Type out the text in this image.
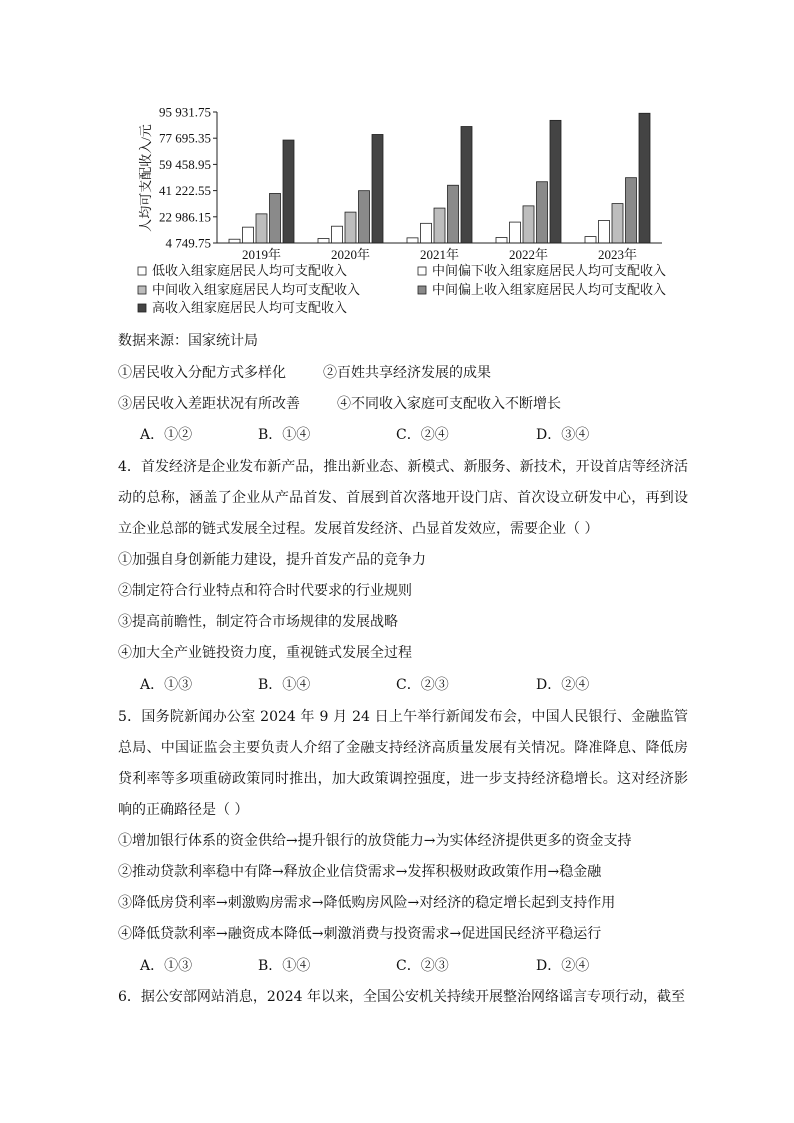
人均可支配收入/元
95 931.75
77 695.35
59 458.95
41 222.55
22 986.15
4 749.75
2019年	2020年	2021年	2022年	2023年
低收入组家庭居民人均可支配收入	中间偏下收入组家庭居民人均可支配收入
中间收入组家庭居民人均可支配收入	中间偏上收入组家庭居民人均可支配收入
高收入组家庭居民人均可支配收入
数据来源：国家统计局
①居民收入分配方式多样化	②百姓共享经济发展的成果
③居民收入差距状况有所改善	④不同收入家庭可支配收入不断增长
A．①②	B．①④	C．②④	D．③④
4．首发经济是企业发布新产品，推出新业态、新模式、新服务、新技术，开设首店等经济活动的总称，涵盖了企业从产品首发、首展到首次落地开设门店、首次设立研发中心，再到设立企业总部的链式发展全过程。发展首发经济、凸显首发效应，需要企业（ ）
①加强自身创新能力建设，提升首发产品的竞争力
②制定符合行业特点和符合时代要求的行业规则
③提高前瞻性，制定符合市场规律的发展战略
④加大全产业链投资力度，重视链式发展全过程
A．①③	B．①④	C．②③	D．②④
5．国务院新闻办公室 2024 年 9 月 24 日上午举行新闻发布会，中国人民银行、金融监管总局、中国证监会主要负责人介绍了金融支持经济高质量发展有关情况。降准降息、降低房贷利率等多项重磅政策同时推出，加大政策调控强度，进一步支持经济稳增长。这对经济影响的正确路径是（ ）
①增加银行体系的资金供给→提升银行的放贷能力→为实体经济提供更多的资金支持
②推动贷款利率稳中有降→释放企业信贷需求→发挥积极财政政策作用→稳金融
③降低房贷利率→刺激购房需求→降低购房风险→对经济的稳定增长起到支持作用
④降低贷款利率→融资成本降低→刺激消费与投资需求→促进国民经济平稳运行
A．①③	B．①④	C．②③	D．②④
6．据公安部网站消息，2024 年以来，全国公安机关持续开展整治网络谣言专项行动，截至
